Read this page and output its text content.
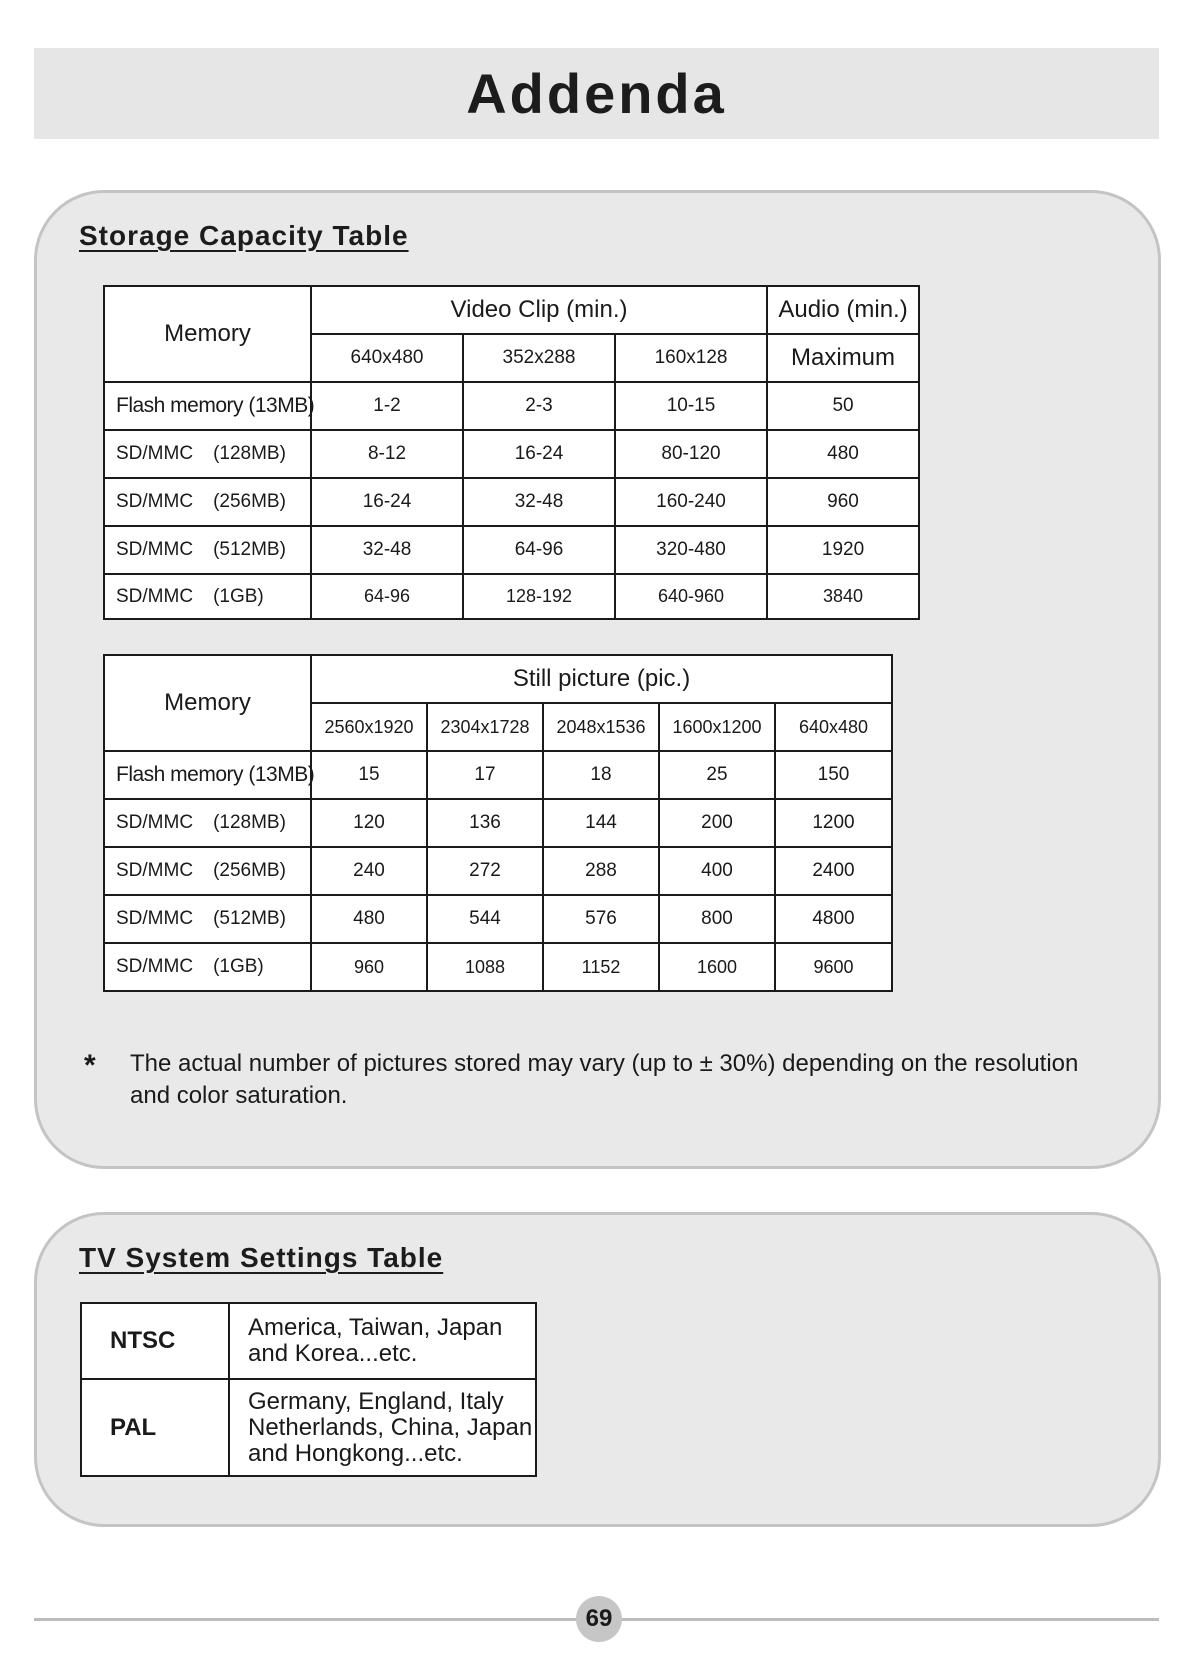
Addenda
Storage Capacity Table
Memory	Video Clip (min.)			Audio (min.)
	640x480	352x288	160x128	Maximum
Flash memory (13MB)	1-2	2-3	10-15	50
SD/MMC (128MB)	8-12	16-24	80-120	480
SD/MMC (256MB)	16-24	32-48	160-240	960
SD/MMC (512MB)	32-48	64-96	320-480	1920
SD/MMC (1GB)	64-96	128-192	640-960	3840
Memory	Still picture (pic.)				
	2560x1920	2304x1728	2048x1536	1600x1200	640x480
Flash memory (13MB)	15	17	18	25	150
SD/MMC (128MB)	120	136	144	200	1200
SD/MMC (256MB)	240	272	288	400	2400
SD/MMC (512MB)	480	544	576	800	4800
SD/MMC (1GB)	960	1088	1152	1600	9600
* The actual number of pictures stored may vary (up to ± 30%) depending on the resolution and color saturation.
TV System Settings Table
NTSC	America, Taiwan, Japan
and Korea...etc.

PAL	Germany, England, Italy
Netherlands, China, Japan
and Hongkong...etc.
69
